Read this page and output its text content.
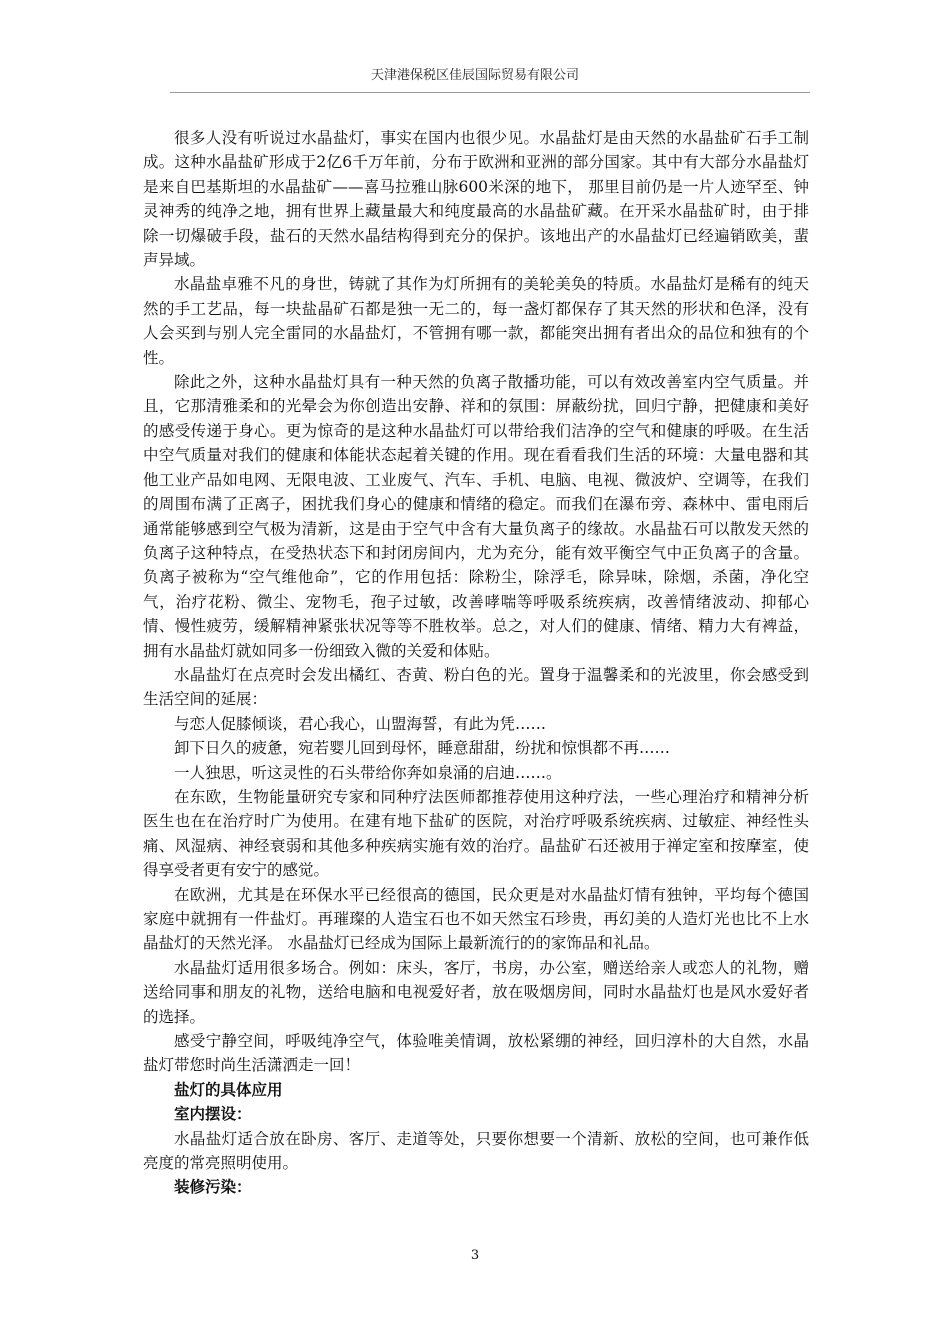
天津港保税区佳辰国际贸易有限公司

很多人没有听说过水晶盐灯，事实在国内也很少见。水晶盐灯是由天然的水晶盐矿石手工制成。这种水晶盐矿形成于2亿6千万年前，分布于欧洲和亚洲的部分国家。其中有大部分水晶盐灯是来自巴基斯坦的水晶盐矿——喜马拉雅山脉600米深的地下， 那里目前仍是一片人迹罕至、钟灵神秀的纯净之地，拥有世界上藏量最大和纯度最高的水晶盐矿藏。在开采水晶盐矿时，由于排除一切爆破手段，盐石的天然水晶结构得到充分的保护。该地出产的水晶盐灯已经遍销欧美，蜚声异域。

水晶盐卓雅不凡的身世，铸就了其作为灯所拥有的美轮美奂的特质。水晶盐灯是稀有的纯天然的手工艺品，每一块盐晶矿石都是独一无二的，每一盏灯都保存了其天然的形状和色泽，没有人会买到与别人完全雷同的水晶盐灯，不管拥有哪一款，都能突出拥有者出众的品位和独有的个性。

除此之外，这种水晶盐灯具有一种天然的负离子散播功能，可以有效改善室内空气质量。并且，它那清雅柔和的光晕会为你创造出安静、祥和的氛围：屏蔽纷扰，回归宁静，把健康和美好的感受传递于身心。更为惊奇的是这种水晶盐灯可以带给我们洁净的空气和健康的呼吸。在生活中空气质量对我们的健康和体能状态起着关键的作用。现在看看我们生活的环境：大量电器和其他工业产品如电网、无限电波、工业废气、汽车、手机、电脑、电视、微波炉、空调等，在我们的周围布满了正离子，困扰我们身心的健康和情绪的稳定。而我们在瀑布旁、森林中、雷电雨后通常能够感到空气极为清新，这是由于空气中含有大量负离子的缘故。水晶盐石可以散发天然的负离子这种特点，在受热状态下和封闭房间内，尤为充分，能有效平衡空气中正负离子的含量。负离子被称为“空气维他命”，它的作用包括：除粉尘，除浮毛，除异味，除烟，杀菌，净化空气，治疗花粉、微尘、宠物毛，孢子过敏，改善哮喘等呼吸系统疾病，改善情绪波动、抑郁心情、慢性疲劳，缓解精神紧张状况等等不胜枚举。总之，对人们的健康、情绪、精力大有裨益，拥有水晶盐灯就如同多一份细致入微的关爱和体贴。

水晶盐灯在点亮时会发出橘红、杏黄、粉白色的光。置身于温馨柔和的光波里，你会感受到生活空间的延展：

与恋人促膝倾谈，君心我心，山盟海誓，有此为凭……

卸下日久的疲惫，宛若婴儿回到母怀，睡意甜甜，纷扰和惊惧都不再……

一人独思，听这灵性的石头带给你奔如泉涌的启迪……。

在东欧，生物能量研究专家和同种疗法医师都推荐使用这种疗法，一些心理治疗和精神分析医生也在在治疗时广为使用。在建有地下盐矿的医院，对治疗呼吸系统疾病、过敏症、神经性头痛、风湿病、神经衰弱和其他多种疾病实施有效的治疗。晶盐矿石还被用于禅定室和按摩室，使得享受者更有安宁的感觉。

在欧洲，尤其是在环保水平已经很高的德国，民众更是对水晶盐灯情有独钟，平均每个德国家庭中就拥有一件盐灯。再璀璨的人造宝石也不如天然宝石珍贵，再幻美的人造灯光也比不上水晶盐灯的天然光泽。 水晶盐灯已经成为国际上最新流行的的家饰品和礼品。

水晶盐灯适用很多场合。例如：床头，客厅，书房，办公室，赠送给亲人或恋人的礼物，赠送给同事和朋友的礼物，送给电脑和电视爱好者，放在吸烟房间，同时水晶盐灯也是风水爱好者的选择。

感受宁静空间，呼吸纯净空气，体验唯美情调，放松紧绷的神经，回归淳朴的大自然，水晶盐灯带您时尚生活潇洒走一回！

盐灯的具体应用

室内摆设：

水晶盐灯适合放在卧房、客厅、走道等处，只要你想要一个清新、放松的空间，也可兼作低亮度的常亮照明使用。

装修污染：

3
